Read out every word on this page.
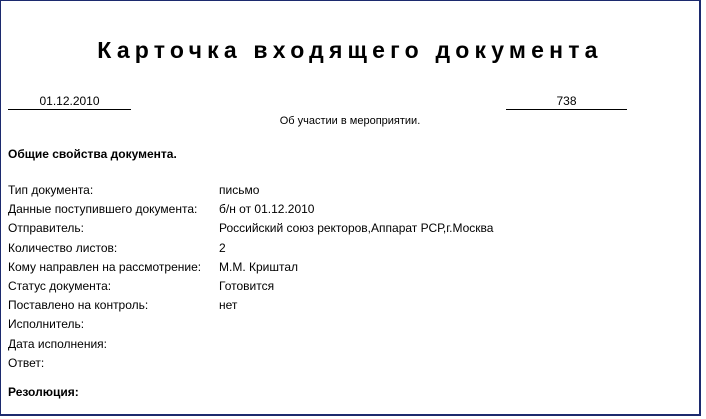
Карточка входящего документа
01.12.2010	738
Об участии в мероприятии.
Общие свойства документа.
Тип документа:	письмо
Данные поступившего документа:	б/н от 01.12.2010
Отправитель:	Российский союз ректоров,Аппарат РСР,г.Москва
Количество листов:	2
Кому направлен на рассмотрение:	М.М. Криштал
Статус документа:	Готовится
Поставлено на контроль:	нет
Исполнитель:
Дата исполнения:
Ответ:
Резолюция:
